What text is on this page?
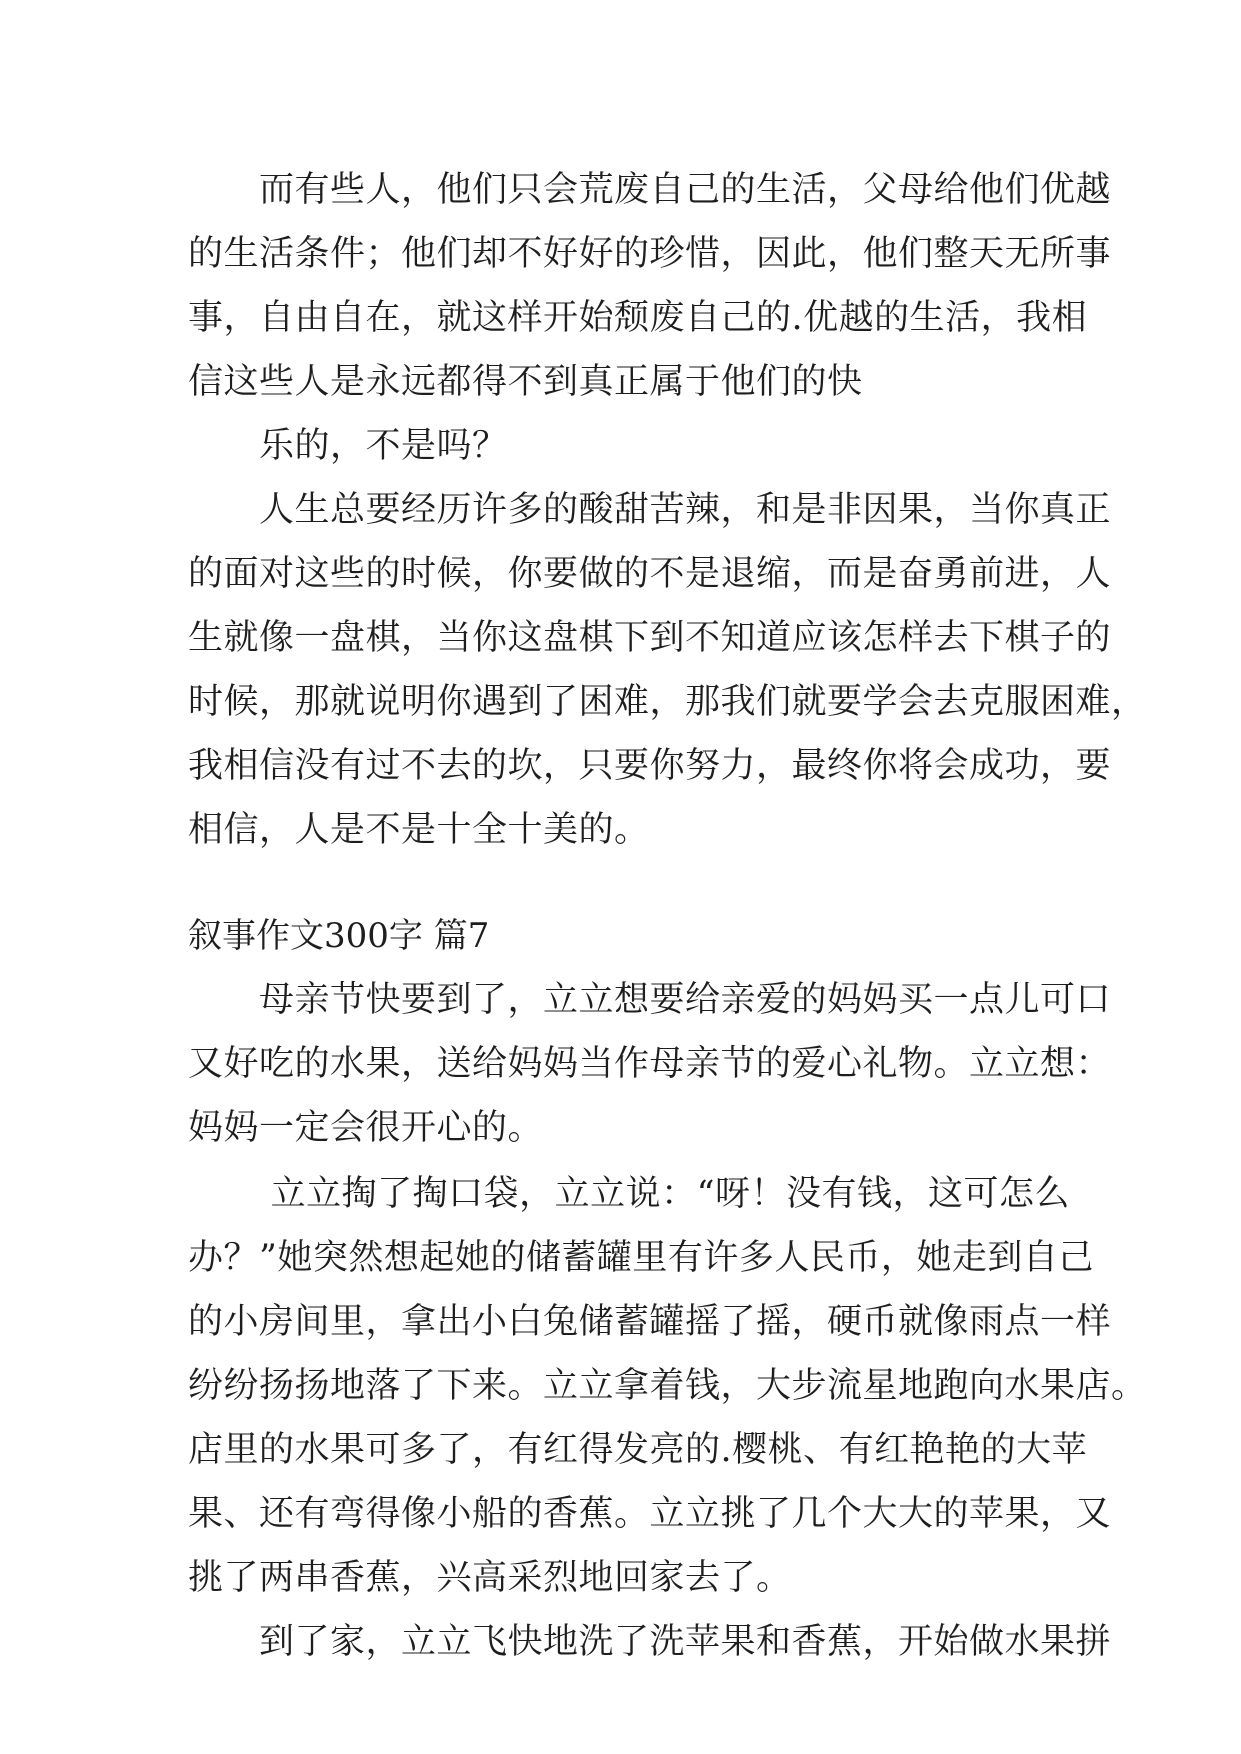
　　而有些人，他们只会荒废自己的生活，父母给他们优越

的生活条件；他们却不好好的珍惜，因此，他们整天无所事

事，自由自在，就这样开始颓废自己的.优越的生活，我相

信这些人是永远都得不到真正属于他们的快

　　乐的，不是吗？

　　人生总要经历许多的酸甜苦辣，和是非因果，当你真正

的面对这些的时候，你要做的不是退缩，而是奋勇前进，人

生就像一盘棋，当你这盘棋下到不知道应该怎样去下棋子的

时候，那就说明你遇到了困难，那我们就要学会去克服困难，

我相信没有过不去的坎，只要你努力，最终你将会成功，要

相信，人是不是十全十美的。

叙事作文300字 篇7

　　母亲节快要到了，立立想要给亲爱的妈妈买一点儿可口

又好吃的水果，送给妈妈当作母亲节的爱心礼物。立立想：

妈妈一定会很开心的。

　　 立立掏了掏口袋，立立说：“呀！没有钱，这可怎么

办？”她突然想起她的储蓄罐里有许多人民币，她走到自己

的小房间里，拿出小白兔储蓄罐摇了摇，硬币就像雨点一样

纷纷扬扬地落了下来。立立拿着钱，大步流星地跑向水果店。

店里的水果可多了，有红得发亮的.樱桃、有红艳艳的大苹

果、还有弯得像小船的香蕉。立立挑了几个大大的苹果，又

挑了两串香蕉，兴高采烈地回家去了。

　　到了家，立立飞快地洗了洗苹果和香蕉，开始做水果拼
